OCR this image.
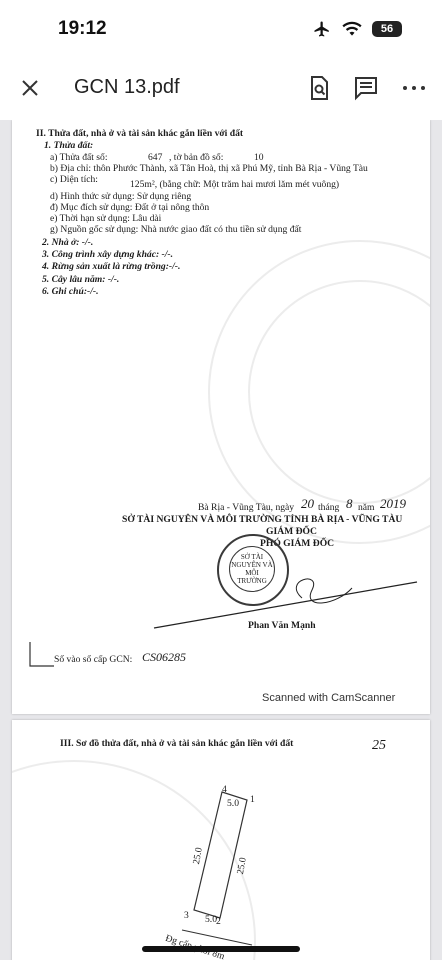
19:12	56
GCN 13.pdf
II. Thửa đất, nhà ở và tài sản khác gắn liền với đất
1. Thửa đất:
a) Thửa đất số:	647 , tờ bản đồ số:	10
b) Địa chỉ: thôn Phước Thành, xã Tân Hoà, thị xã Phú Mỹ, tỉnh Bà Rịa - Vũng Tàu
c) Diện tích:	125m², (bằng chữ: Một trăm hai mươi lăm mét vuông)
d) Hình thức sử dụng: Sử dụng riêng
đ) Mục đích sử dụng: Đất ở tại nông thôn
e) Thời hạn sử dụng: Lâu dài
g) Nguồn gốc sử dụng: Nhà nước giao đất có thu tiền sử dụng đất
2. Nhà ở: -/-.
3. Công trình xây dựng khác: -/-.
4. Rừng sản xuất là rừng trồng:-/-.
5. Cây lâu năm: -/-.
6. Ghi chú:-/-.
Bà Rịa - Vũng Tàu, ngày 20 tháng 8 năm 2019
SỞ TÀI NGUYÊN VÀ MÔI TRƯỜNG TỈNH BÀ RỊA - VŨNG TÀU
GIÁM ĐỐC
PHÓ GIÁM ĐỐC
SỞ TÀI NGUYÊN VÀ MÔI TRƯỜNG
Phan Văn Mạnh
Số vào sổ cấp GCN: CS06285
Scanned with CamScanner
III. Sơ đồ thửa đất, nhà ở và tài sản khác gắn liền với đất	25
5.0
5.0
25.0
25.0
4
1
2
3
